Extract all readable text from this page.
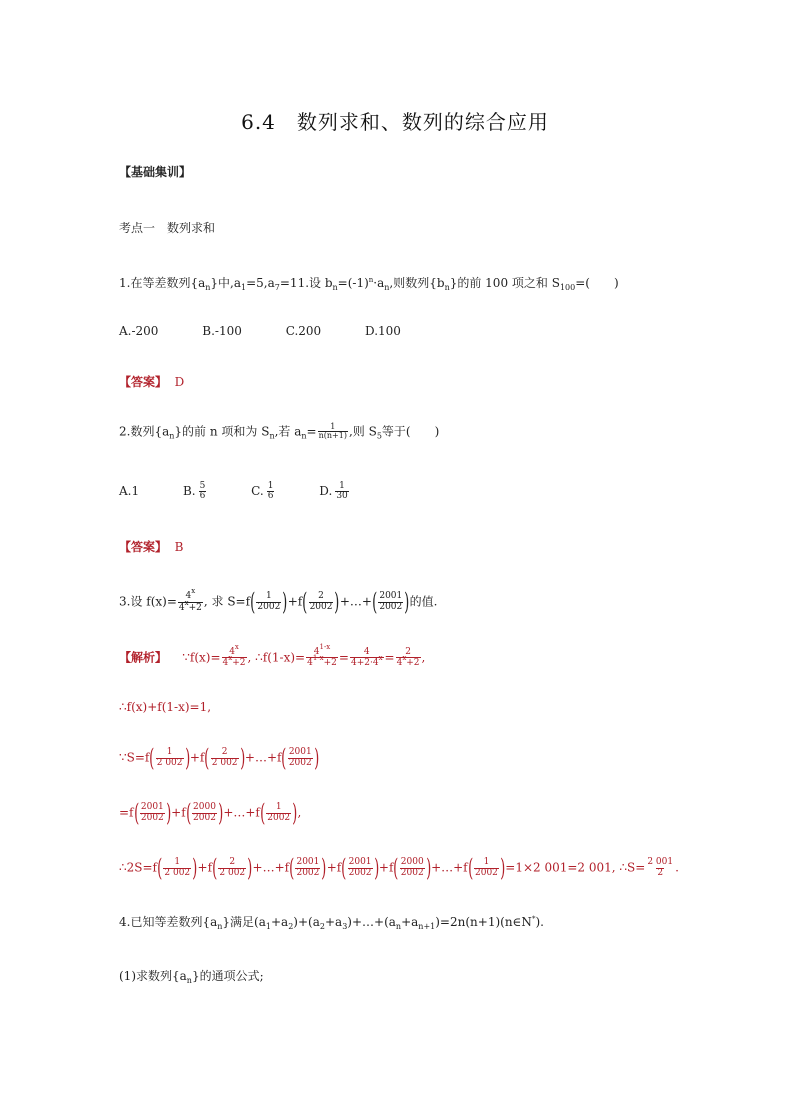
6.4　数列求和、数列的综合应用
【基础集训】
考点一　数列求和
1.在等差数列$\{a_n\}$中$,a_1=5,a_7=11$.设 $b_n=(-1)^n\cdot a_n$,则数列$\{b_n\}$的前 100 项之和 $S_{100}=$(　　)
A.-200	B.-100	C.200	D.100
【答案】 D
2.数列$\{a_n\}$的前 n 项和为 $S_n$,若 $a_n= \frac{1}{n(n+1)}$ ,则 $S_5$等于(　　)
A.1	B. $\frac{5}{6}$	C. $\frac{1}{6}$	D. $\frac{1}{30}$
【答案】 B
3.设 $f(x)= \frac{4^x}{4^x+2}$ , 求 $S=f( \frac{1}{2002} )+f( \frac{2}{2002}$ )+…+( $\frac{2001}{2002}$ )的值.
【解析】 ∵f(x)= $\frac{4^x}{4^x+2}$ , ∴f(1-x)= $\frac{4^{1-x}}{4^{1-x}+2} = \frac{4}{4+2\cdot 4^x} = \frac{2}{4^x+2}$ ,
∴f(x)+f(1-x)=1,
∵S=f( $\frac{1}{2 002} )+f( \frac{2}{2 002}$ )+…+f( $\frac{2001}{2002}$ )
$=f( \frac{2001}{2002} )+f( \frac{2000}{2002}$ )+…+f( $\frac{1}{2002}$ ),
∴2S=f( $\frac{1}{2 002} )+f( \frac{2}{2 002}$ )+…+f( $\frac{2001}{2002} )+f( \frac{2001}{2002} )+f( \frac{2000}{2002}$ )+…+f( $\frac{1}{2002} )=1\times 2$ 001=2 001, ∴S= $\frac{2 001}{2}$ .
4.已知等差数列$\{a_n\}$满足$(a_1+a_2)+(a_2+a_3)+\dots+(a_n+a_{n+1})=2n(n+1)(n\in N^*)$.
(1)求数列$\{a_n\}$的通项公式;
